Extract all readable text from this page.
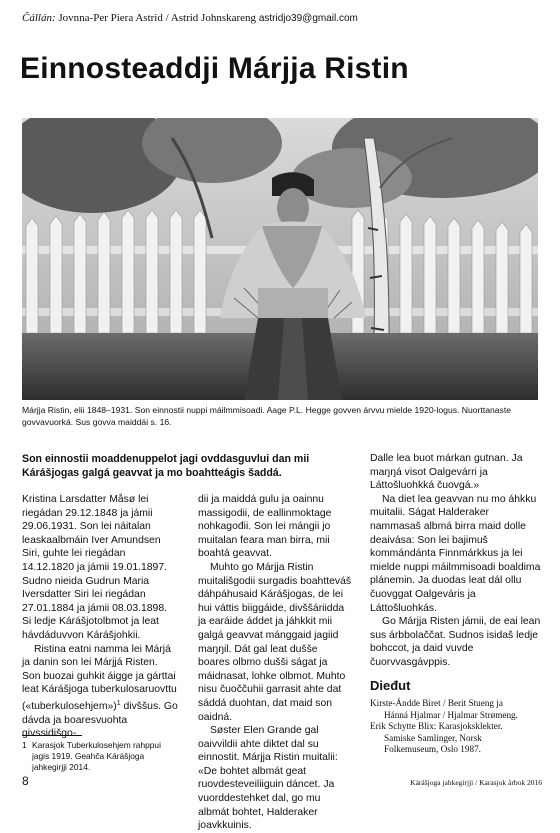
Čállán: Jovnna-Per Piera Astrid / Astrid Johnskareng astridjo39@gmail.com
Einnosteaddji Márjja Ristin

Márjja Ristin, elii 1848–1931. Son einnostii nuppi máilmmisoadi. Aage P.L. Hegge govven árvvu mielde 1920-logus. Nuorttanaste govvavuorká. Sus govva maiddái s. 16.
Son einnostii moaddenuppelot jagi ovddasguvlui dan mii Kárášjogas galgá geavvat ja mo boahtteágis šaddá.

Kristina Larsdatter Måsø lei riegádan 29.12.1848 ja jámii 29.06.1931. Son lei náitalan leaskaalbmáin Iver Amundsen Siri, guhte lei riegádan 14.12.1820 ja jámii 19.01.1897. Sudno nieida Gudrun Maria Iversdatter Siri lei riegádan 27.01.1884 ja jámii 08.03.1898. Si ledje Kárášjotolbmot ja leat hávdáduvvon Kárášjohkii.

Ristina eatni namma lei Márjá ja danin son lei Márjjá Risten. Son buozai guhkit áigge ja gárttai leat Kárášjoga tuberkulosaruovttu («tuberkulosehjem»)$^1$ divššus. Go dávda ja boaresvuohta givssidišgo-

dii ja maiddá gulu ja oainnu massigodii, de eallinmoktage nohkagođii. Son lei mángii jo muitalan feara man birra, mii boahtá geavvat.

Muhto go Márjja Ristin muitališgodii surgadis boahtteváš dáhpáhusaid Kárášjogas, de lei hui váttis biiggáide, divššáriidda ja earáide áddet ja jáhkkit mii galgá geavvat mánggaid jagiid maŋŋil. Dát gal leat dušše boares olbmo dušši ságat ja máidnasat, lohke olbmot. Muhto nisu čuoččuhii garrasit ahte dat sáddá duohtan, dat maid son oaidná.

Søster Elen Grande gal oaivvildii ahte diktet dal su einnostit. Márjja Ristin muitalii: «De bohtet albmát geat ruovdesteveiliiguin dáncet. Ja vuorddestehket dal, go mu albmát bohtet, Halderaker joavkkuinis.

Dalle lea buot márkan gutnan. Ja maŋŋá visot Oalgevárri ja Láttošluohkká čuovgá.»

Na diet lea geavvan nu mo áhkku muitalii. Ságat Halderaker nammasaš albmá birra maid dolle deaivása: Son lei bajimuš kommándánta Finnmárkkus ja lei mielde nuppi máilmmisoadi boaldima plánemin. Ja duodas leat dál ollu čuovggat Oalgeváris ja Láttošluohkás.

Go Márjja Risten jámii, de eai lean sus árbbolaččat. Sudnos isidaš ledje bohccot, ja daid vuvde čuorvvasgávppis.

1 Karasjok Tuberkulosehjem rahppui jagis 1919. Geahča Kárášjoga jahkegirjji 2014.
Dieđut
Kirste-Ándde Biret / Berit Stueng ja

Hánná Hjalmar / Hjalmar Strømeng.
Erik Schytte Blix: Karasjoksklekter.

Samiske Samlinger, Norsk
Folkemuseum, Oslo 1987.
8	Kárášjoga jahkegirjji / Karasjok årbok 2016
